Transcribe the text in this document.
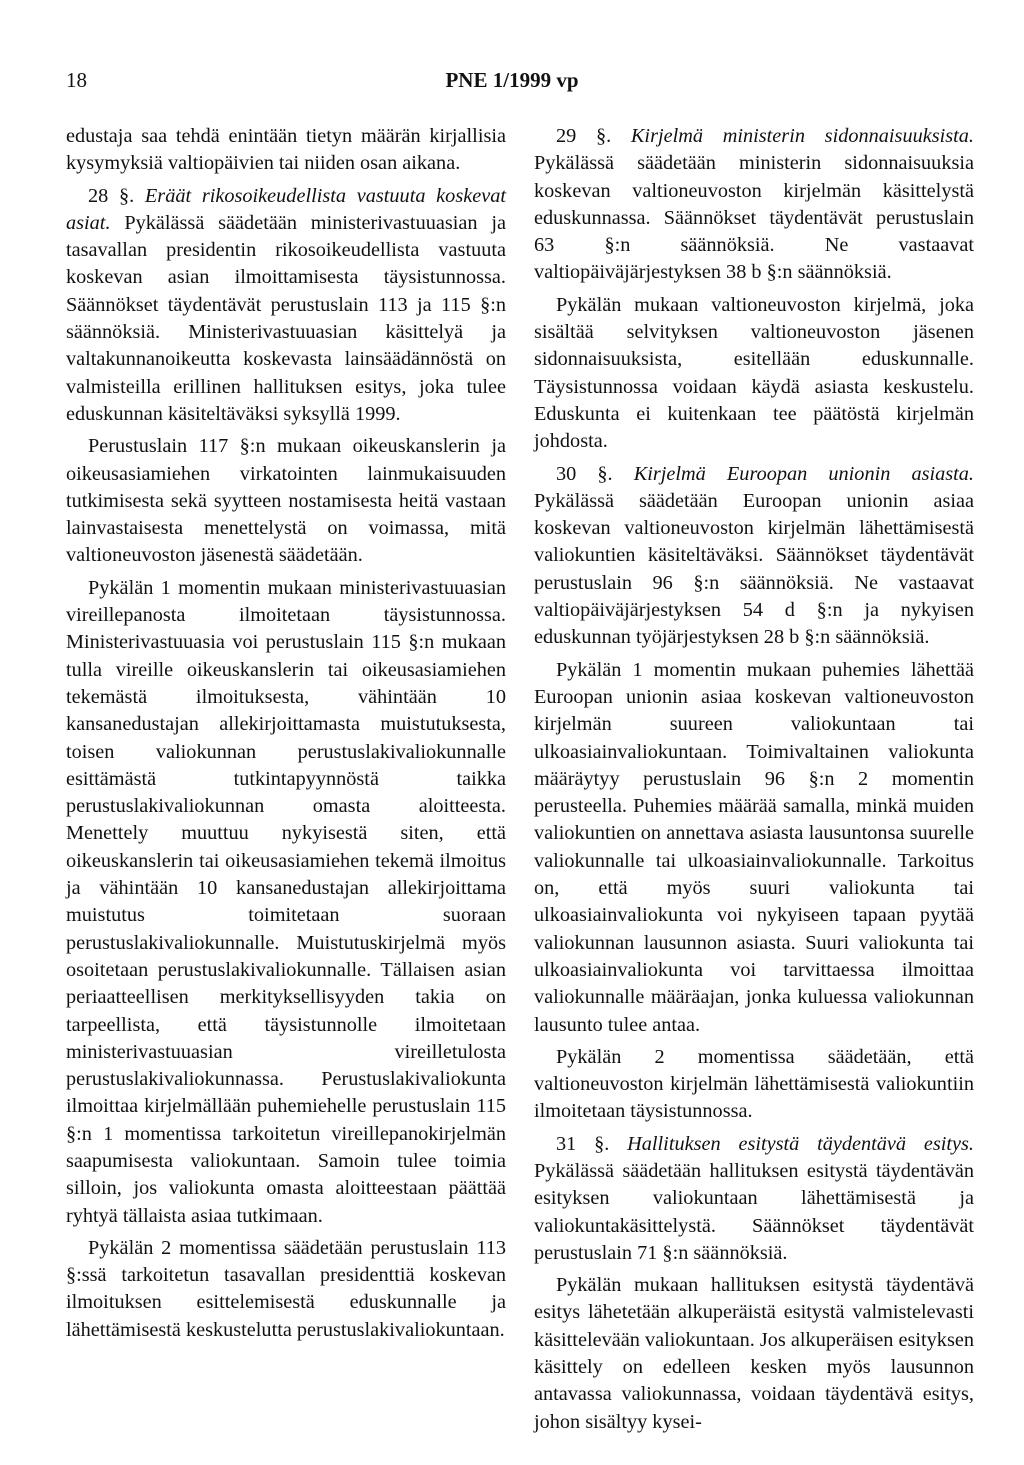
18	PNE 1/1999 vp

edustaja saa tehdä enintään tietyn määrän kirjallisia kysymyksiä valtiopäivien tai niiden osan aikana.

28 §. Eräät rikosoikeudellista vastuuta koskevat asiat. Pykälässä säädetään ministerivastuuasian ja tasavallan presidentin rikosoikeudellista vastuuta koskevan asian ilmoittamisesta täysistunnossa. Säännökset täydentävät perustuslain 113 ja 115 §:n säännöksiä. Ministerivastuuasian käsittelyä ja valtakunnanoikeutta koskevasta lainsäädännöstä on valmisteilla erillinen hallituksen esitys, joka tulee eduskunnan käsiteltäväksi syksyllä 1999.

Perustuslain 117 §:n mukaan oikeuskanslerin ja oikeusasiamiehen virkatointen lainmukaisuuden tutkimisesta sekä syytteen nostamisesta heitä vastaan lainvastaisesta menettelystä on voimassa, mitä valtioneuvoston jäsenestä säädetään.

Pykälän 1 momentin mukaan ministerivastuuasian vireillepanosta ilmoitetaan täysistunnossa. Ministerivastuuasia voi perustuslain 115 §:n mukaan tulla vireille oikeuskanslerin tai oikeusasiamiehen tekemästä ilmoituksesta, vähintään 10 kansanedustajan allekirjoittamasta muistutuksesta, toisen valiokunnan perustuslakivaliokunnalle esittämästä tutkintapyynnöstä taikka perustuslakivaliokunnan omasta aloitteesta. Menettely muuttuu nykyisestä siten, että oikeuskanslerin tai oikeusasiamiehen tekemä ilmoitus ja vähintään 10 kansanedustajan allekirjoittama muistutus toimitetaan suoraan perustuslakivaliokunnalle. Muistutuskirjelmä myös osoitetaan perustuslakivaliokunnalle. Tällaisen asian periaatteellisen merkityksellisyyden takia on tarpeellista, että täysistunnolle ilmoitetaan ministerivastuuasian vireilletulosta perustuslakivaliokunnassa. Perustuslakivaliokunta ilmoittaa kirjelmällään puhemiehelle perustuslain 115 §:n 1 momentissa tarkoitetun vireillepanokirjelmän saapumisesta valiokuntaan. Samoin tulee toimia silloin, jos valiokunta omasta aloitteestaan päättää ryhtyä tällaista asiaa tutkimaan.

Pykälän 2 momentissa säädetään perustuslain 113 §:ssä tarkoitetun tasavallan presidenttiä koskevan ilmoituksen esittelemisestä eduskunnalle ja lähettämisestä keskustelutta perustuslakivaliokuntaan.

29 §. Kirjelmä ministerin sidonnaisuuksista. Pykälässä säädetään ministerin sidonnaisuuksia koskevan valtioneuvoston kirjelmän käsittelystä eduskunnassa. Säännökset täydentävät perustuslain 63 §:n säännöksiä. Ne vastaavat valtiopäiväjärjestyksen 38 b §:n säännöksiä.

Pykälän mukaan valtioneuvoston kirjelmä, joka sisältää selvityksen valtioneuvoston jäsenen sidonnaisuuksista, esitellään eduskunnalle. Täysistunnossa voidaan käydä asiasta keskustelu. Eduskunta ei kuitenkaan tee päätöstä kirjelmän johdosta.

30 §. Kirjelmä Euroopan unionin asiasta. Pykälässä säädetään Euroopan unionin asiaa koskevan valtioneuvoston kirjelmän lähettämisestä valiokuntien käsiteltäväksi. Säännökset täydentävät perustuslain 96 §:n säännöksiä. Ne vastaavat valtiopäiväjärjestyksen 54 d §:n ja nykyisen eduskunnan työjärjestyksen 28 b §:n säännöksiä.

Pykälän 1 momentin mukaan puhemies lähettää Euroopan unionin asiaa koskevan valtioneuvoston kirjelmän suureen valiokuntaan tai ulkoasiainvaliokuntaan. Toimivaltainen valiokunta määräytyy perustuslain 96 §:n 2 momentin perusteella. Puhemies määrää samalla, minkä muiden valiokuntien on annettava asiasta lausuntonsa suurelle valiokunnalle tai ulkoasiainvaliokunnalle. Tarkoitus on, että myös suuri valiokunta tai ulkoasiainvaliokunta voi nykyiseen tapaan pyytää valiokunnan lausunnon asiasta. Suuri valiokunta tai ulkoasiainvaliokunta voi tarvittaessa ilmoittaa valiokunnalle määräajan, jonka kuluessa valiokunnan lausunto tulee antaa.

Pykälän 2 momentissa säädetään, että valtioneuvoston kirjelmän lähettämisestä valiokuntiin ilmoitetaan täysistunnossa.

31 §. Hallituksen esitystä täydentävä esitys. Pykälässä säädetään hallituksen esitystä täydentävän esityksen valiokuntaan lähettämisestä ja valiokuntakäsittelystä. Säännökset täydentävät perustuslain 71 §:n säännöksiä.

Pykälän mukaan hallituksen esitystä täydentävä esitys lähetetään alkuperäistä esitystä valmistelevasti käsittelevään valiokuntaan. Jos alkuperäisen esityksen käsittely on edelleen kesken myös lausunnon antavassa valiokunnassa, voidaan täydentävä esitys, johon sisältyy kysei-
